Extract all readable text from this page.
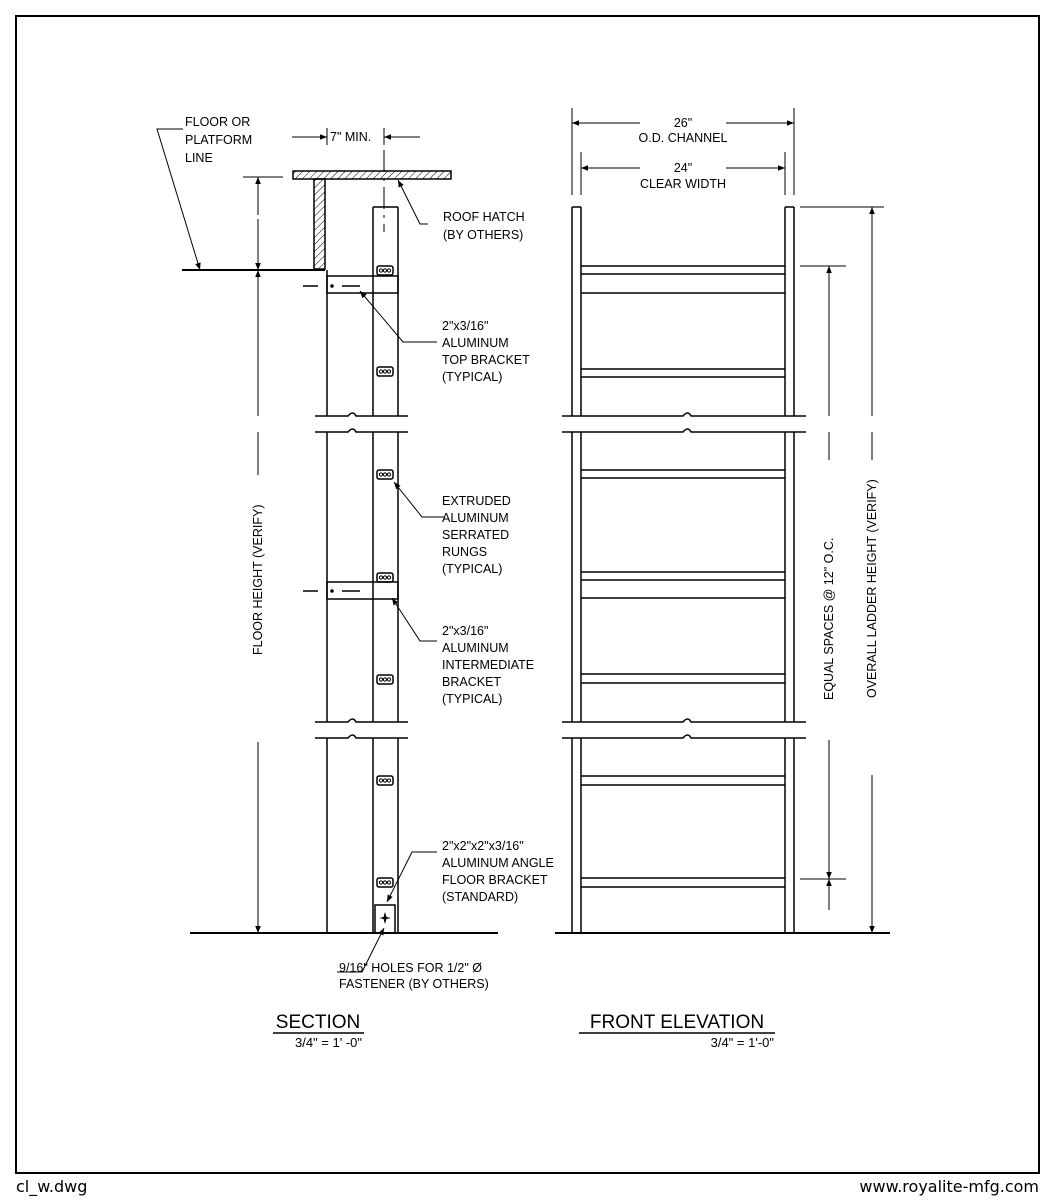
FLOOR OR PLATFORM LINE
7" MIN.
ROOF HATCH (BY OTHERS)
2"x3/16" ALUMINUM TOP BRACKET (TYPICAL)
EXTRUDED ALUMINUM SERRATED RUNGS (TYPICAL)
2"x3/16" ALUMINUM INTERMEDIATE BRACKET (TYPICAL)
2"x2"x2"x3/16" ALUMINUM ANGLE FLOOR BRACKET (STANDARD)
9/16" HOLES FOR 1/2" Ø FASTENER (BY OTHERS)
FLOOR HEIGHT (VERIFY)
26"
O.D. CHANNEL
24"
CLEAR WIDTH
EQUAL SPACES @ 12" O.C. OVERALL LADDER HEIGHT (VERIFY)
SECTION
3/4" = 1' -0"
FRONT ELEVATION
3/4" = 1'-0"
cl_w.dwg	www.royalite-mfg.com
